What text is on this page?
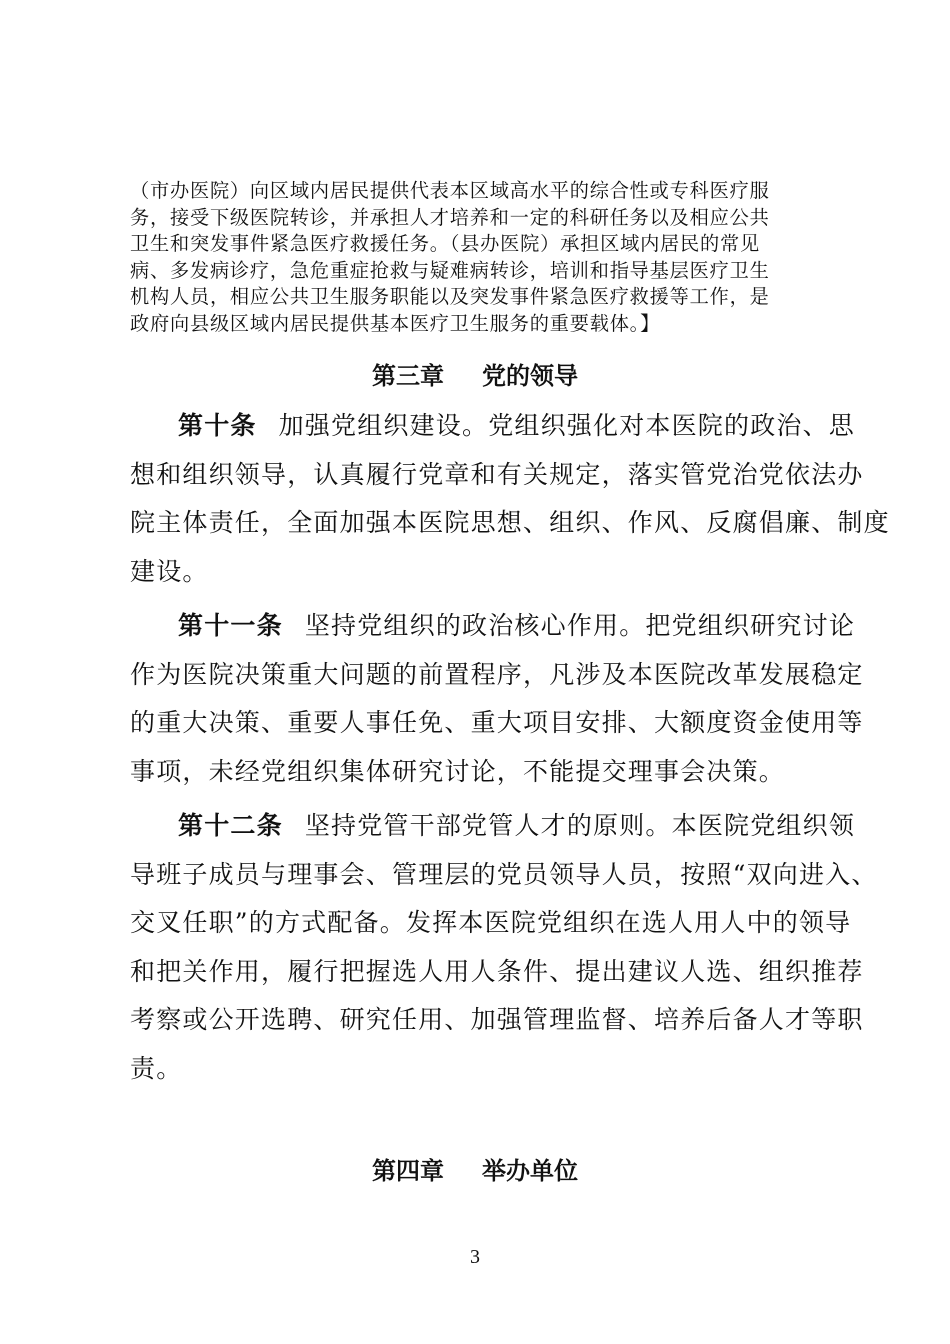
（市办医院）向区域内居民提供代表本区域高水平的综合性或专科医疗服
务，接受下级医院转诊，并承担人才培养和一定的科研任务以及相应公共
卫生和突发事件紧急医疗救援任务。（县办医院）承担区域内居民的常见
病、多发病诊疗，急危重症抢救与疑难病转诊，培训和指导基层医疗卫生
机构人员，相应公共卫生服务职能以及突发事件紧急医疗救援等工作，是
政府向县级区域内居民提供基本医疗卫生服务的重要载体。】
第三章 党的领导
第十条 加强党组织建设。党组织强化对本医院的政治、思
想和组织领导，认真履行党章和有关规定，落实管党治党依法办
院主体责任，全面加强本医院思想、组织、作风、反腐倡廉、制度
建设。
第十一条 坚持党组织的政治核心作用。把党组织研究讨论
作为医院决策重大问题的前置程序，凡涉及本医院改革发展稳定
的重大决策、重要人事任免、重大项目安排、大额度资金使用等
事项，未经党组织集体研究讨论，不能提交理事会决策。
第十二条 坚持党管干部党管人才的原则。本医院党组织领
导班子成员与理事会、管理层的党员领导人员，按照“双向进入、
交叉任职”的方式配备。发挥本医院党组织在选人用人中的领导
和把关作用，履行把握选人用人条件、提出建议人选、组织推荐
考察或公开选聘、研究任用、加强管理监督、培养后备人才等职
责。
第四章 举办单位
3
